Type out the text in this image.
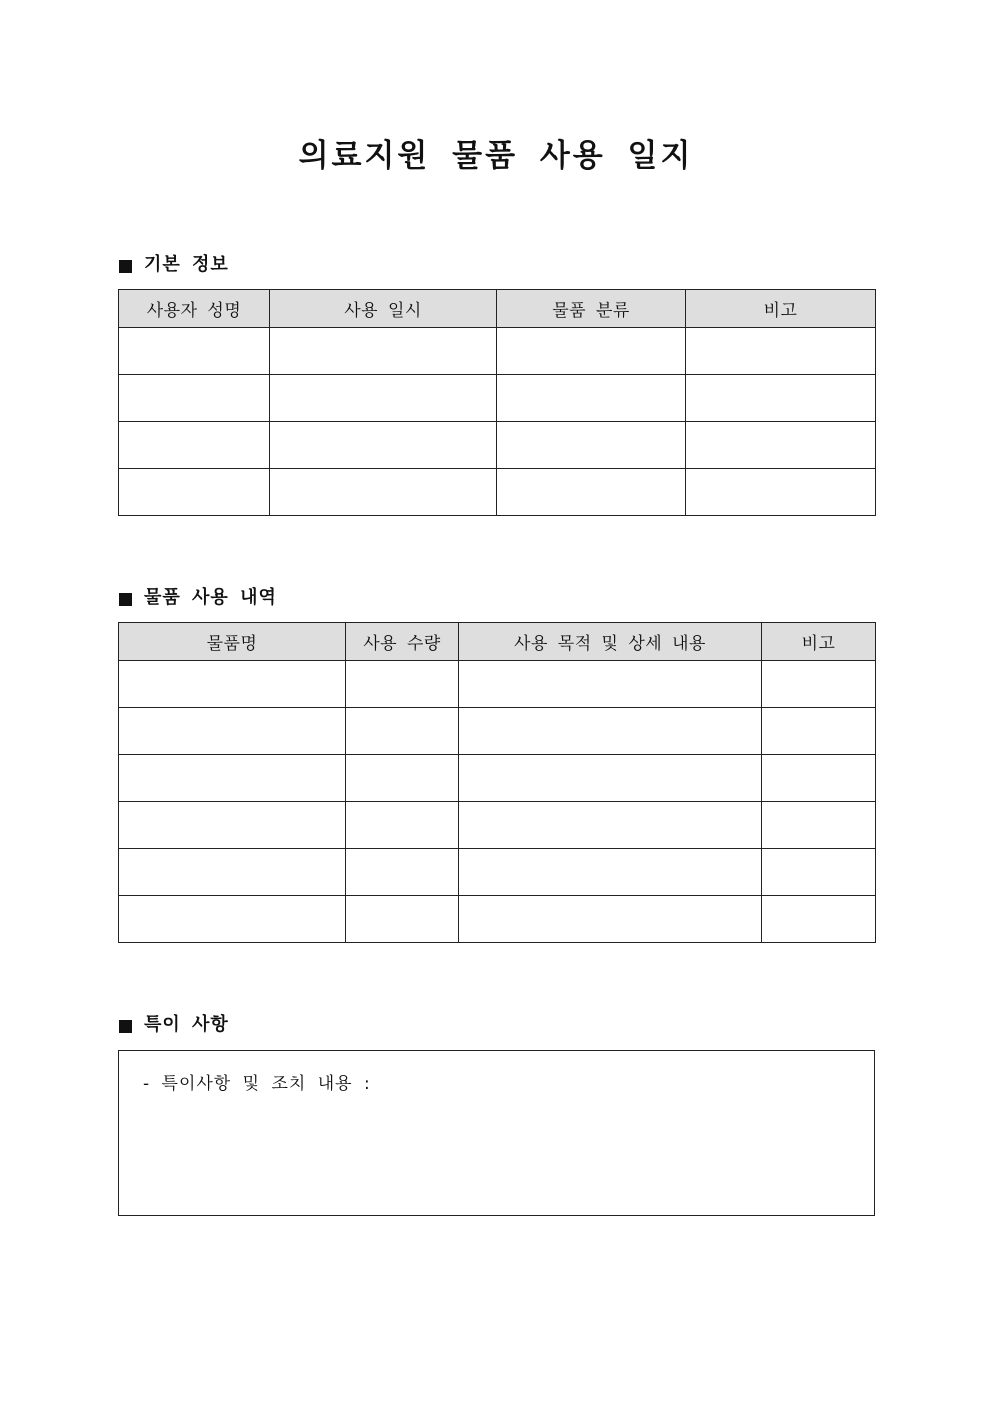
의료지원 물품 사용 일지
기본 정보
사용자 성명	사용 일시	물품 분류	비고

물품 사용 내역
물품명	사용 수량	사용 목적 및 상세 내용	비고

특이 사항
- 특이사항 및 조치 내용 :
